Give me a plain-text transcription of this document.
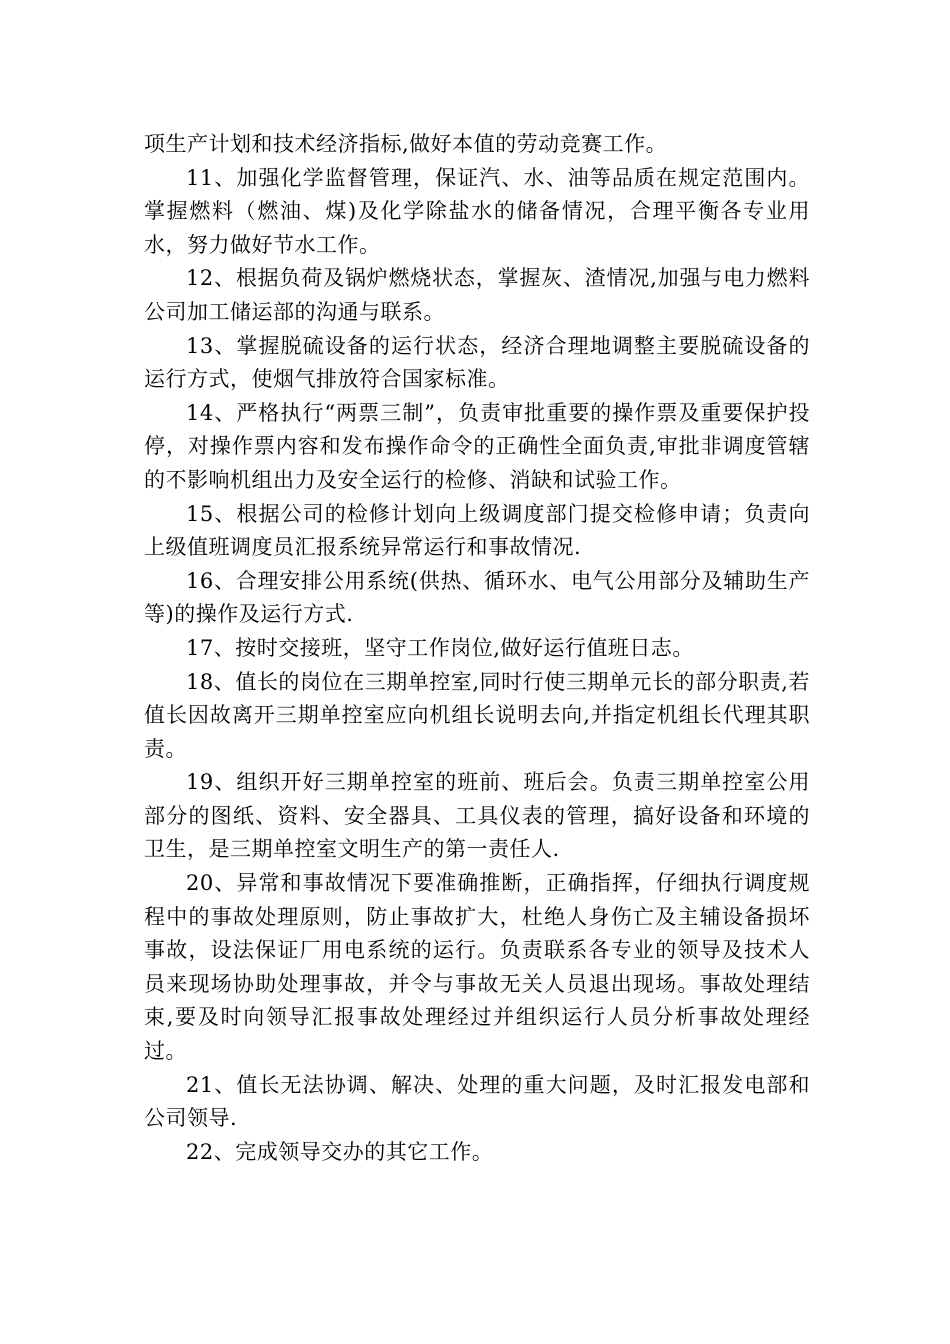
项生产计划和技术经济指标,做好本值的劳动竞赛工作。

11、加强化学监督管理，保证汽、水、油等品质在规定范围内。掌握燃料（燃油、煤)及化学除盐水的储备情况，合理平衡各专业用水，努力做好节水工作。

12、根据负荷及锅炉燃烧状态，掌握灰、渣情况,加强与电力燃料公司加工储运部的沟通与联系。

13、掌握脱硫设备的运行状态，经济合理地调整主要脱硫设备的运行方式，使烟气排放符合国家标准。

14、严格执行“两票三制”，负责审批重要的操作票及重要保护投停，对操作票内容和发布操作命令的正确性全面负责,审批非调度管辖的不影响机组出力及安全运行的检修、消缺和试验工作。

15、根据公司的检修计划向上级调度部门提交检修申请；负责向上级值班调度员汇报系统异常运行和事故情况.

16、合理安排公用系统(供热、循环水、电气公用部分及辅助生产等)的操作及运行方式.

17、按时交接班，坚守工作岗位,做好运行值班日志。

18、值长的岗位在三期单控室,同时行使三期单元长的部分职责,若值长因故离开三期单控室应向机组长说明去向,并指定机组长代理其职责。

19、组织开好三期单控室的班前、班后会。负责三期单控室公用部分的图纸、资料、安全器具、工具仪表的管理，搞好设备和环境的卫生，是三期单控室文明生产的第一责任人.

20、异常和事故情况下要准确推断，正确指挥，仔细执行调度规程中的事故处理原则，防止事故扩大，杜绝人身伤亡及主辅设备损坏事故，设法保证厂用电系统的运行。负责联系各专业的领导及技术人员来现场协助处理事故，并令与事故无关人员退出现场。事故处理结束,要及时向领导汇报事故处理经过并组织运行人员分析事故处理经过。

21、值长无法协调、解决、处理的重大问题，及时汇报发电部和公司领导.

22、完成领导交办的其它工作。
